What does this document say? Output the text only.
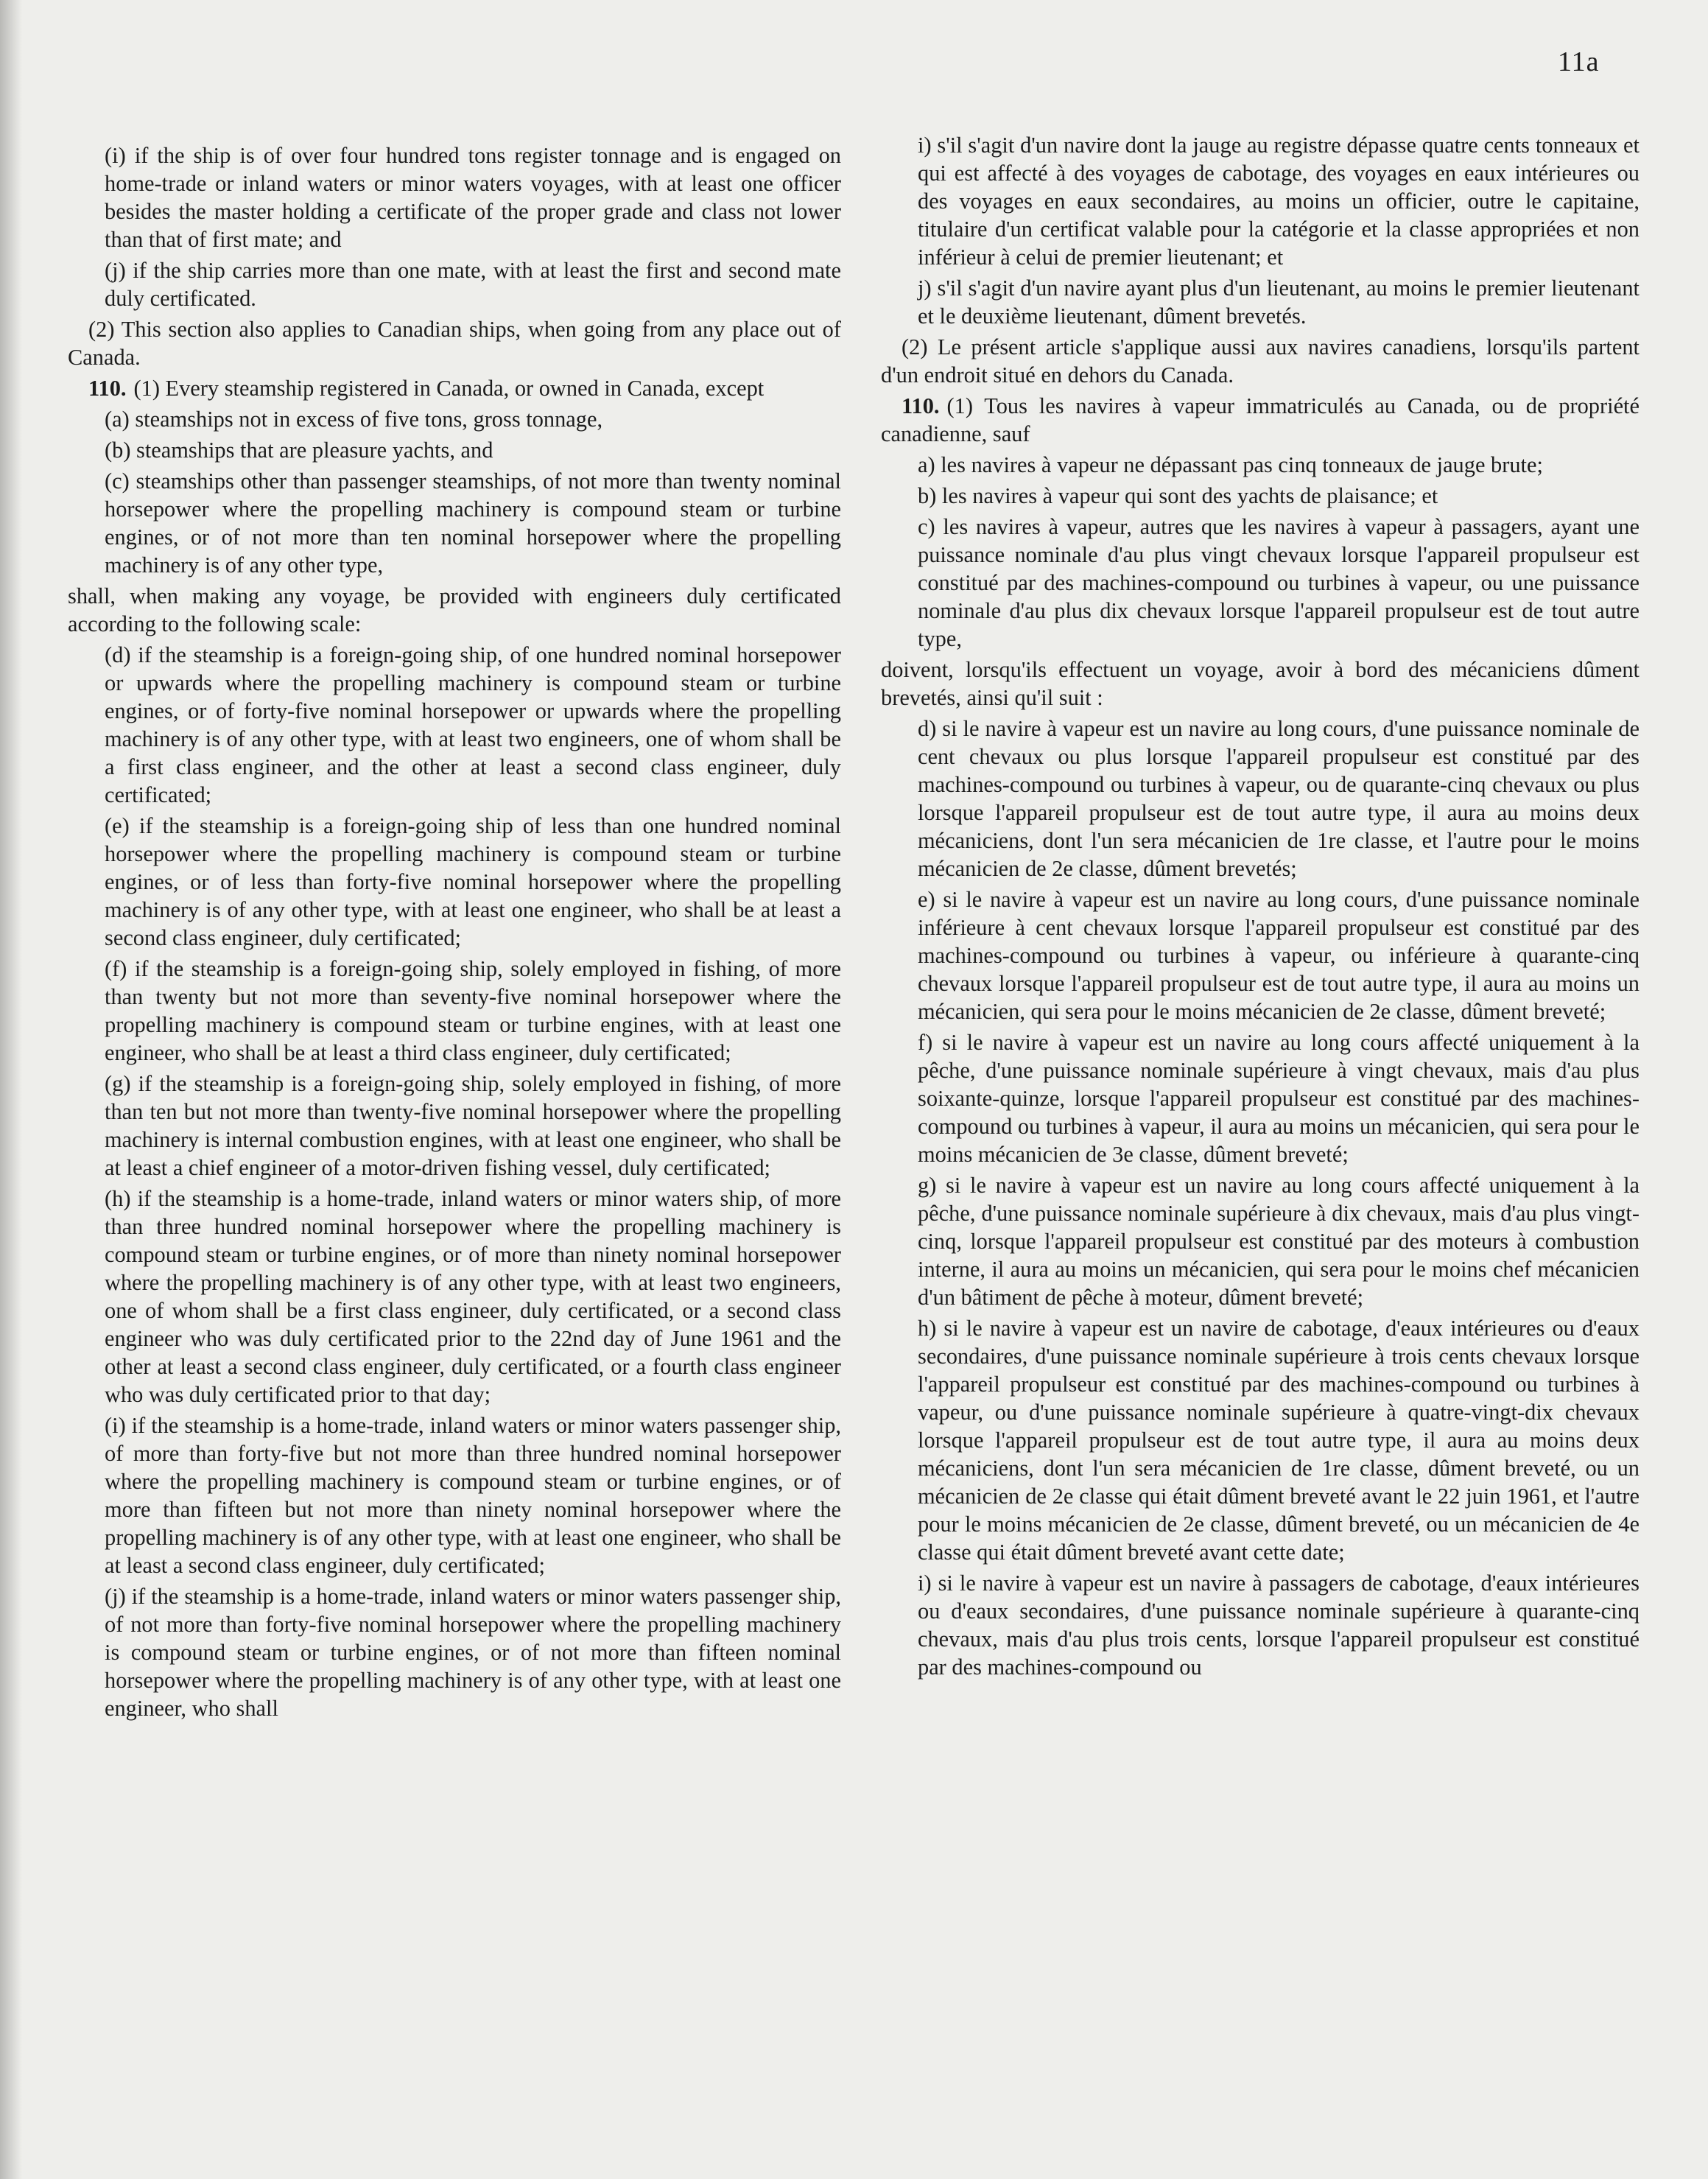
11a
(i) if the ship is of over four hundred tons register tonnage and is engaged on home-trade or inland waters or minor waters voyages, with at least one officer besides the master holding a certificate of the proper grade and class not lower than that of first mate; and
(j) if the ship carries more than one mate, with at least the first and second mate duly certificated.
(2) This section also applies to Canadian ships, when going from any place out of Canada.
110. (1) Every steamship registered in Canada, or owned in Canada, except
(a) steamships not in excess of five tons, gross tonnage,
(b) steamships that are pleasure yachts, and
(c) steamships other than passenger steamships, of not more than twenty nominal horsepower where the propelling machinery is compound steam or turbine engines, or of not more than ten nominal horsepower where the propelling machinery is of any other type,
shall, when making any voyage, be provided with engineers duly certificated according to the following scale:
(d) if the steamship is a foreign-going ship, of one hundred nominal horsepower or upwards where the propelling machinery is compound steam or turbine engines, or of forty-five nominal horsepower or upwards where the propelling machinery is of any other type, with at least two engineers, one of whom shall be a first class engineer, and the other at least a second class engineer, duly certificated;
(e) if the steamship is a foreign-going ship of less than one hundred nominal horsepower where the propelling machinery is compound steam or turbine engines, or of less than forty-five nominal horsepower where the propelling machinery is of any other type, with at least one engineer, who shall be at least a second class engineer, duly certificated;
(f) if the steamship is a foreign-going ship, solely employed in fishing, of more than twenty but not more than seventy-five nominal horsepower where the propelling machinery is compound steam or turbine engines, with at least one engineer, who shall be at least a third class engineer, duly certificated;
(g) if the steamship is a foreign-going ship, solely employed in fishing, of more than ten but not more than twenty-five nominal horsepower where the propelling machinery is internal combustion engines, with at least one engineer, who shall be at least a chief engineer of a motor-driven fishing vessel, duly certificated;
(h) if the steamship is a home-trade, inland waters or minor waters ship, of more than three hundred nominal horsepower where the propelling machinery is compound steam or turbine engines, or of more than ninety nominal horsepower where the propelling machinery is of any other type, with at least two engineers, one of whom shall be a first class engineer, duly certificated, or a second class engineer who was duly certificated prior to the 22nd day of June 1961 and the other at least a second class engineer, duly certificated, or a fourth class engineer who was duly certificated prior to that day;
(i) if the steamship is a home-trade, inland waters or minor waters passenger ship, of more than forty-five but not more than three hundred nominal horsepower where the propelling machinery is compound steam or turbine engines, or of more than fifteen but not more than ninety nominal horsepower where the propelling machinery is of any other type, with at least one engineer, who shall be at least a second class engineer, duly certificated;
(j) if the steamship is a home-trade, inland waters or minor waters passenger ship, of not more than forty-five nominal horsepower where the propelling machinery is compound steam or turbine engines, or of not more than fifteen nominal horsepower where the propelling machinery is of any other type, with at least one engineer, who shall
i) s'il s'agit d'un navire dont la jauge au registre dépasse quatre cents tonneaux et qui est affecté à des voyages de cabotage, des voyages en eaux intérieures ou des voyages en eaux secondaires, au moins un officier, outre le capitaine, titulaire d'un certificat valable pour la catégorie et la classe appropriées et non inférieur à celui de premier lieutenant; et
j) s'il s'agit d'un navire ayant plus d'un lieutenant, au moins le premier lieutenant et le deuxième lieutenant, dûment brevetés.
(2) Le présent article s'applique aussi aux navires canadiens, lorsqu'ils partent d'un endroit situé en dehors du Canada.
110. (1) Tous les navires à vapeur immatriculés au Canada, ou de propriété canadienne, sauf
a) les navires à vapeur ne dépassant pas cinq tonneaux de jauge brute;
b) les navires à vapeur qui sont des yachts de plaisance; et
c) les navires à vapeur, autres que les navires à vapeur à passagers, ayant une puissance nominale d'au plus vingt chevaux lorsque l'appareil propulseur est constitué par des machines-compound ou turbines à vapeur, ou une puissance nominale d'au plus dix chevaux lorsque l'appareil propulseur est de tout autre type,
doivent, lorsqu'ils effectuent un voyage, avoir à bord des mécaniciens dûment brevetés, ainsi qu'il suit :
d) si le navire à vapeur est un navire au long cours, d'une puissance nominale de cent chevaux ou plus lorsque l'appareil propulseur est constitué par des machines-compound ou turbines à vapeur, ou de quarante-cinq chevaux ou plus lorsque l'appareil propulseur est de tout autre type, il aura au moins deux mécaniciens, dont l'un sera mécanicien de 1re classe, et l'autre pour le moins mécanicien de 2e classe, dûment brevetés;
e) si le navire à vapeur est un navire au long cours, d'une puissance nominale inférieure à cent chevaux lorsque l'appareil propulseur est constitué par des machines-compound ou turbines à vapeur, ou inférieure à quarante-cinq chevaux lorsque l'appareil propulseur est de tout autre type, il aura au moins un mécanicien, qui sera pour le moins mécanicien de 2e classe, dûment breveté;
f) si le navire à vapeur est un navire au long cours affecté uniquement à la pêche, d'une puissance nominale supérieure à vingt chevaux, mais d'au plus soixante-quinze, lorsque l'appareil propulseur est constitué par des machines-compound ou turbines à vapeur, il aura au moins un mécanicien, qui sera pour le moins mécanicien de 3e classe, dûment breveté;
g) si le navire à vapeur est un navire au long cours affecté uniquement à la pêche, d'une puissance nominale supérieure à dix chevaux, mais d'au plus vingt-cinq, lorsque l'appareil propulseur est constitué par des moteurs à combustion interne, il aura au moins un mécanicien, qui sera pour le moins chef mécanicien d'un bâtiment de pêche à moteur, dûment breveté;
h) si le navire à vapeur est un navire de cabotage, d'eaux intérieures ou d'eaux secondaires, d'une puissance nominale supérieure à trois cents chevaux lorsque l'appareil propulseur est constitué par des machines-compound ou turbines à vapeur, ou d'une puissance nominale supérieure à quatre-vingt-dix chevaux lorsque l'appareil propulseur est de tout autre type, il aura au moins deux mécaniciens, dont l'un sera mécanicien de 1re classe, dûment breveté, ou un mécanicien de 2e classe qui était dûment breveté avant le 22 juin 1961, et l'autre pour le moins mécanicien de 2e classe, dûment breveté, ou un mécanicien de 4e classe qui était dûment breveté avant cette date;
i) si le navire à vapeur est un navire à passagers de cabotage, d'eaux intérieures ou d'eaux secondaires, d'une puissance nominale supérieure à quarante-cinq chevaux, mais d'au plus trois cents, lorsque l'appareil propulseur est constitué par des machines-compound ou
